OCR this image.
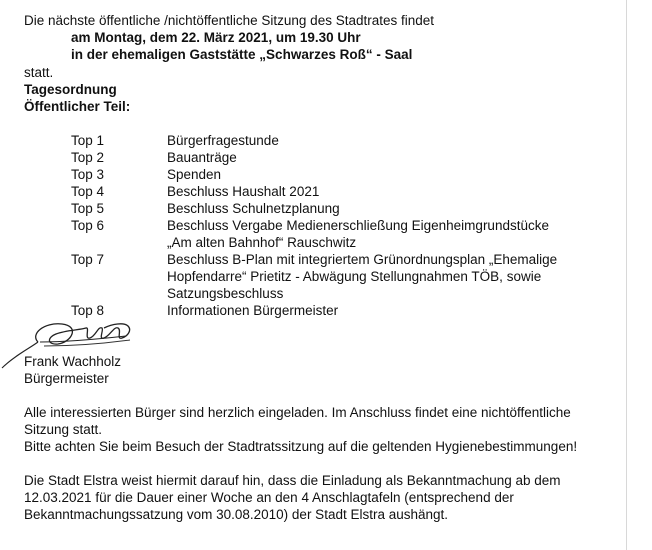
Die nächste öffentliche /nichtöffentliche Sitzung des Stadtrates findet
am Montag, dem 22. März 2021, um 19.30 Uhr
in der ehemaligen Gaststätte „Schwarzes Roß“ - Saal
statt.
Tagesordnung
Öffentlicher Teil:
Top 1	Bürgerfragestunde
Top 2	Bauanträge
Top 3	Spenden
Top 4	Beschluss Haushalt 2021
Top 5	Beschluss Schulnetzplanung
Top 6	Beschluss Vergabe Medienerschließung Eigenheimgrundstücke
„Am alten Bahnhof“ Rauschwitz
Top 7	Beschluss B-Plan mit integriertem Grünordnungsplan „Ehemalige
Hopfendarre“ Prietitz - Abwägung Stellungnahmen TÖB, sowie
Satzungsbeschluss
Top 8	Informationen Bürgermeister
Frank Wachholz
Bürgermeister
Alle interessierten Bürger sind herzlich eingeladen. Im Anschluss findet eine nichtöffentliche
Sitzung statt.
Bitte achten Sie beim Besuch der Stadtratssitzung auf die geltenden Hygienebestimmungen!
Die Stadt Elstra weist hiermit darauf hin, dass die Einladung als Bekanntmachung ab dem
12.03.2021 für die Dauer einer Woche an den 4 Anschlagtafeln (entsprechend der
Bekanntmachungssatzung vom 30.08.2010) der Stadt Elstra aushängt.
